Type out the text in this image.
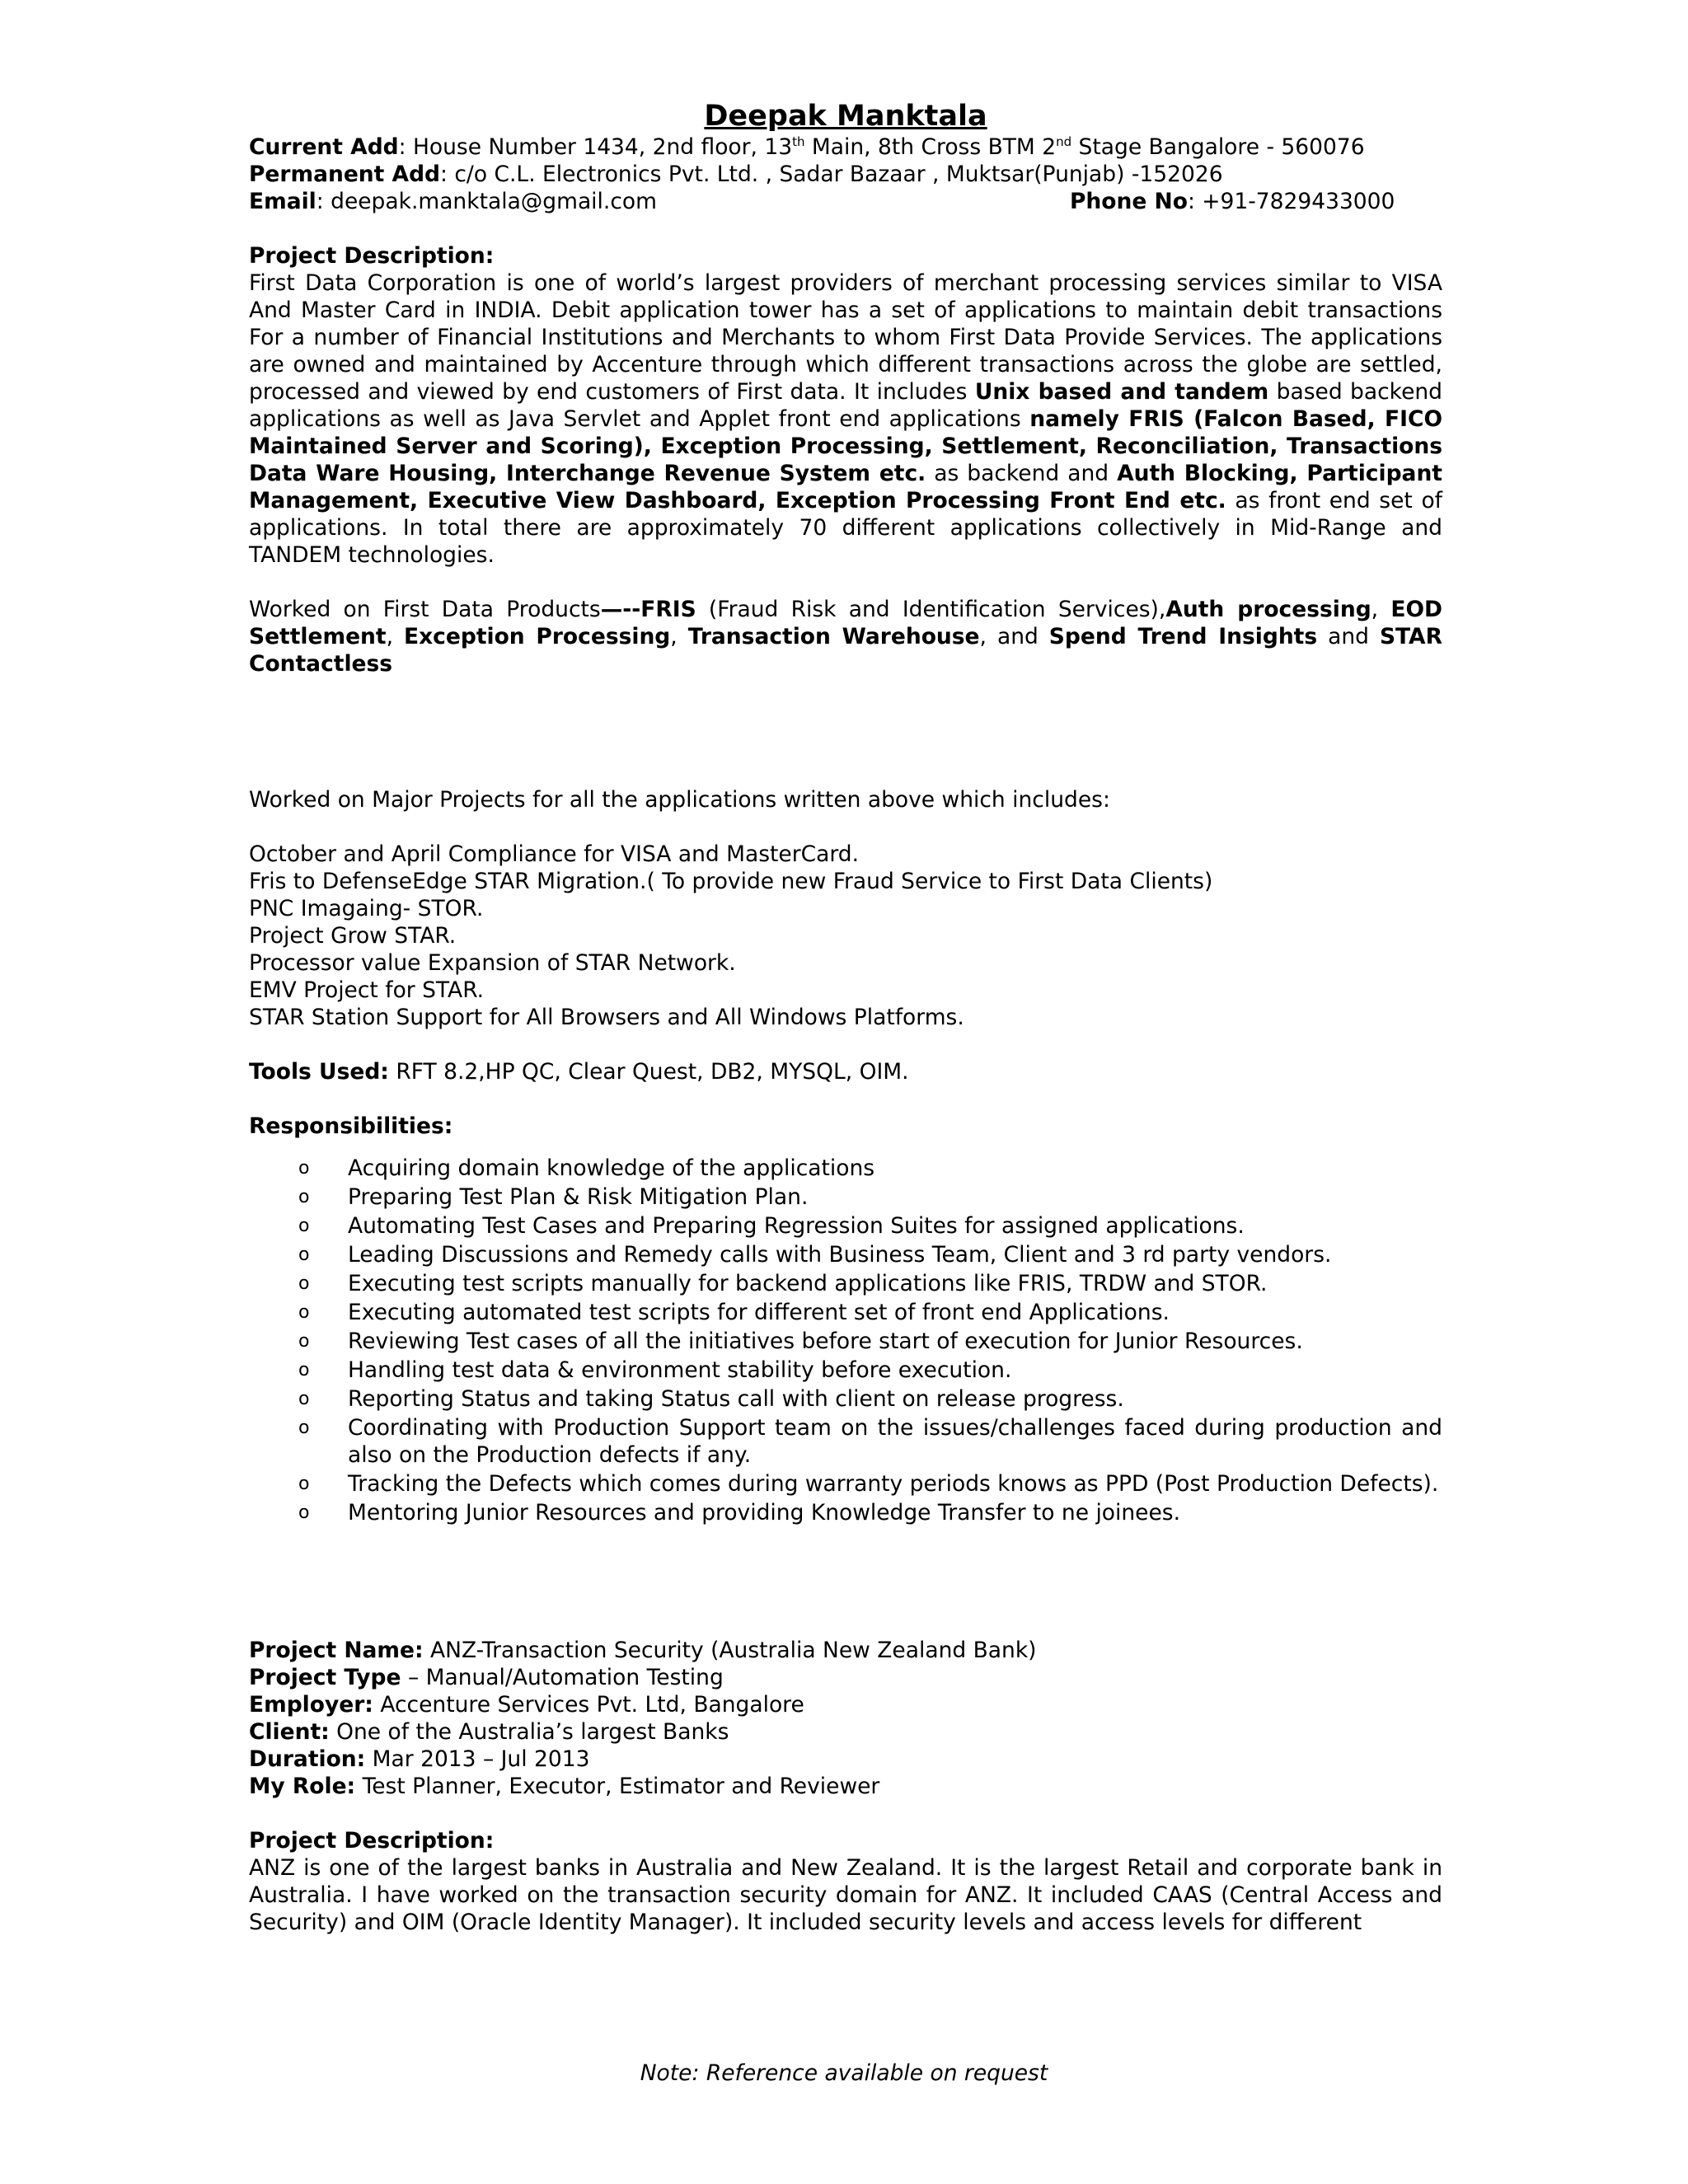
Deepak Manktala
Current Add: House Number 1434, 2nd floor, 13th Main, 8th Cross BTM 2nd Stage Bangalore - 560076
Permanent Add: c/o C.L. Electronics Pvt. Ltd. , Sadar Bazaar , Muktsar(Punjab) -152026
Email: deepak.manktala@gmail.com	Phone No: +91-7829433000
Project Description:
First Data Corporation is one of world’s largest providers of merchant processing services similar to VISA And Master Card in INDIA. Debit application tower has a set of applications to maintain debit transactions For a number of Financial Institutions and Merchants to whom First Data Provide Services. The applications are owned and maintained by Accenture through which different transactions across the globe are settled, processed and viewed by end customers of First data. It includes Unix based and tandem based backend applications as well as Java Servlet and Applet front end applications namely FRIS (Falcon Based, FICO Maintained Server and Scoring), Exception Processing, Settlement, Reconciliation, Transactions Data Ware Housing, Interchange Revenue System etc. as backend and Auth Blocking, Participant Management, Executive View Dashboard, Exception Processing Front End etc. as front end set of applications. In total there are approximately 70 different applications collectively in Mid-Range and TANDEM technologies.
Worked on First Data Products—--FRIS (Fraud Risk and Identification Services),Auth processing, EOD Settlement, Exception Processing, Transaction Warehouse, and Spend Trend Insights and STAR Contactless
Worked on Major Projects for all the applications written above which includes:
October and April Compliance for VISA and MasterCard.
Fris to DefenseEdge STAR Migration.( To provide new Fraud Service to First Data Clients)
PNC Imagaing- STOR.
Project Grow STAR.
Processor value Expansion of STAR Network.
EMV Project for STAR.
STAR Station Support for All Browsers and All Windows Platforms.
Tools Used: RFT 8.2,HP QC, Clear Quest, DB2, MYSQL, OIM.
Responsibilities:
o Acquiring domain knowledge of the applications
o Preparing Test Plan & Risk Mitigation Plan.
o Automating Test Cases and Preparing Regression Suites for assigned applications.
o Leading Discussions and Remedy calls with Business Team, Client and 3 rd party vendors.
o Executing test scripts manually for backend applications like FRIS, TRDW and STOR.
o Executing automated test scripts for different set of front end Applications.
o Reviewing Test cases of all the initiatives before start of execution for Junior Resources.
o Handling test data & environment stability before execution.
o Reporting Status and taking Status call with client on release progress.
o Coordinating with Production Support team on the issues/challenges faced during production and also on the Production defects if any.
o Tracking the Defects which comes during warranty periods knows as PPD (Post Production Defects).
o Mentoring Junior Resources and providing Knowledge Transfer to ne joinees.
Project Name: ANZ-Transaction Security (Australia New Zealand Bank)
Project Type – Manual/Automation Testing
Employer: Accenture Services Pvt. Ltd, Bangalore
Client: One of the Australia’s largest Banks
Duration: Mar 2013 – Jul 2013
My Role: Test Planner, Executor, Estimator and Reviewer
Project Description:
ANZ is one of the largest banks in Australia and New Zealand. It is the largest Retail and corporate bank in Australia. I have worked on the transaction security domain for ANZ. It included CAAS (Central Access and Security) and OIM (Oracle Identity Manager). It included security levels and access levels for different
Note: Reference available on request
